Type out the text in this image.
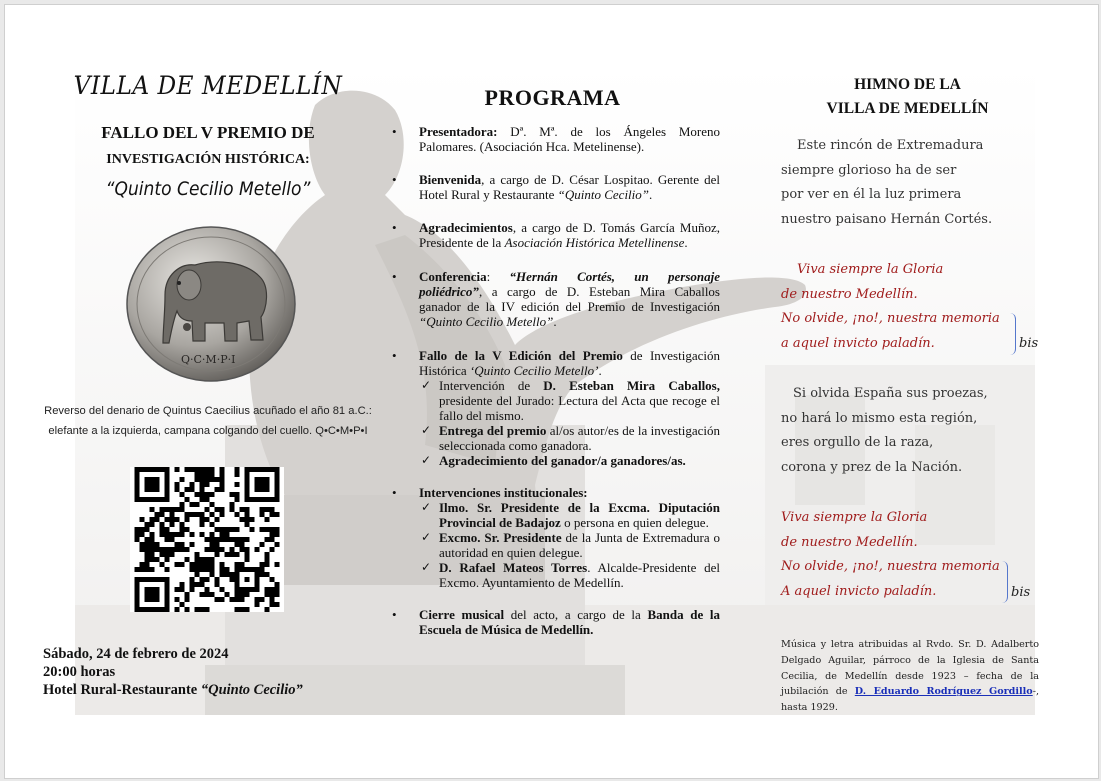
VILLA DE MEDELLÍN
FALLO DEL V PREMIO DE
INVESTIGACIÓN HISTÓRICA:
“Quinto Cecilio Metello”
Q·C·M·P·I
Reverso del denario de Quintus Caecilius acuñado el año 81 a.C.:
elefante a la izquierda, campana colgando del cuello. Q•C•M•P•I
Sábado, 24 de febrero de 2024
20:00 horas
Hotel Rural-Restaurante “Quinto Cecilio”
PROGRAMA
• Presentadora: Dª. Mª. de los Ángeles Moreno Palomares. (Asociación Hca. Metelinense).
• Bienvenida, a cargo de D. César Lospitao. Gerente del Hotel Rural y Restaurante “Quinto Cecilio”.
• Agradecimientos, a cargo de D. Tomás García Muñoz, Presidente de la Asociación Histórica Metellinense.
• Conferencia: “Hernán Cortés, un personaje poliédrico”, a cargo de D. Esteban Mira Caballos ganador de la IV edición del Premio de Investigación “Quinto Cecilio Metello”.
• Fallo de la V Edición del Premio de Investigación Histórica ‘Quinto Cecilio Metello’.
✓ Intervención de D. Esteban Mira Caballos, presidente del Jurado: Lectura del Acta que recoge el fallo del mismo.
✓ Entrega del premio al/os autor/es de la investigación seleccionada como ganadora.
✓ Agradecimiento del ganador/a ganadores/as.
• Intervenciones institucionales:
✓ Ilmo. Sr. Presidente de la Excma. Diputación Provincial de Badajoz o persona en quien delegue.
✓ Excmo. Sr. Presidente de la Junta de Extremadura o autoridad en quien delegue.
✓ D. Rafael Mateos Torres. Alcalde-Presidente del Excmo. Ayuntamiento de Medellín.
• Cierre musical del acto, a cargo de la Banda de la Escuela de Música de Medellín.
HIMNO DE LA
VILLA DE MEDELLÍN
Este rincón de Extremadura
siempre glorioso ha de ser
por ver en él la luz primera
nuestro paisano Hernán Cortés.
Viva siempre la Gloria
de nuestro Medellín.
No olvide, ¡no!, nuestra memoria
a aquel invicto paladín.	bis
Si olvida España sus proezas,
no hará lo mismo esta región,
eres orgullo de la raza,
corona y prez de la Nación.
Viva siempre la Gloria
de nuestro Medellín.
No olvide, ¡no!, nuestra memoria
A aquel invicto paladín.	bis
Música y letra atribuidas al Rvdo. Sr. D. Adalberto Delgado Aguilar, párroco de la Iglesia de Santa Cecilia, de Medellín desde 1923 – fecha de la jubilación de D. Eduardo Rodríguez Gordillo-, hasta 1929.
